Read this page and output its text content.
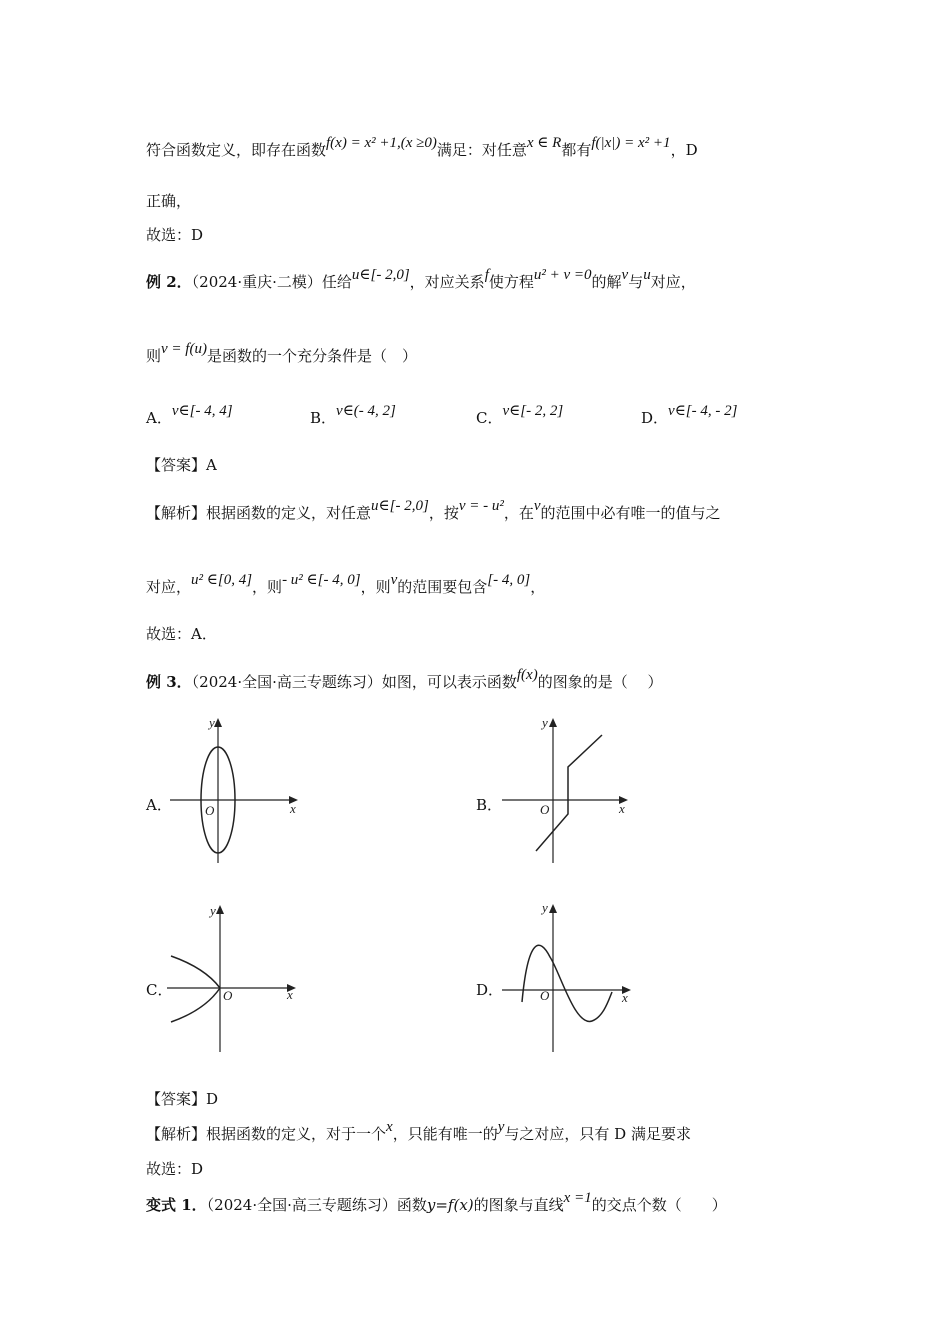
符合函数定义，即存在函数f(x) = x² +1,(x ≥0)满足：对任意x ∈ R都有f(|x|) = x² +1，D
正确，
故选：D
例 2．（2024·重庆·二模）任给u∈[- 2,0]，对应关系f使方程u² + v =0的解v与u对应，
则v = f(u)是函数的一个充分条件是（　）
A．v∈[- 4, 4]	B．v∈(- 4, 2]	C．v∈[- 2, 2]	D．v∈[- 4, - 2]
【答案】A
【解析】根据函数的定义，对任意u∈[- 2,0]，按v = - u²，在v的范围中必有唯一的值与之
对应，u² ∈[0, 4]，则- u² ∈[- 4, 0]，则v的范围要包含[- 4, 0]，
故选：A．
例 3．（2024·全国·高三专题练习）如图，可以表示函数f(x)的图象的是（　 ）
A．
y
x
O	B．
y
x
O
C．
y
x
O	D．
y
x
O
【答案】D
【解析】根据函数的定义，对于一个x，只能有唯一的y与之对应，只有 D 满足要求
故选：D
变式 1．（2024·全国·高三专题练习）函数y=f(x)的图象与直线x =1的交点个数（　　）
